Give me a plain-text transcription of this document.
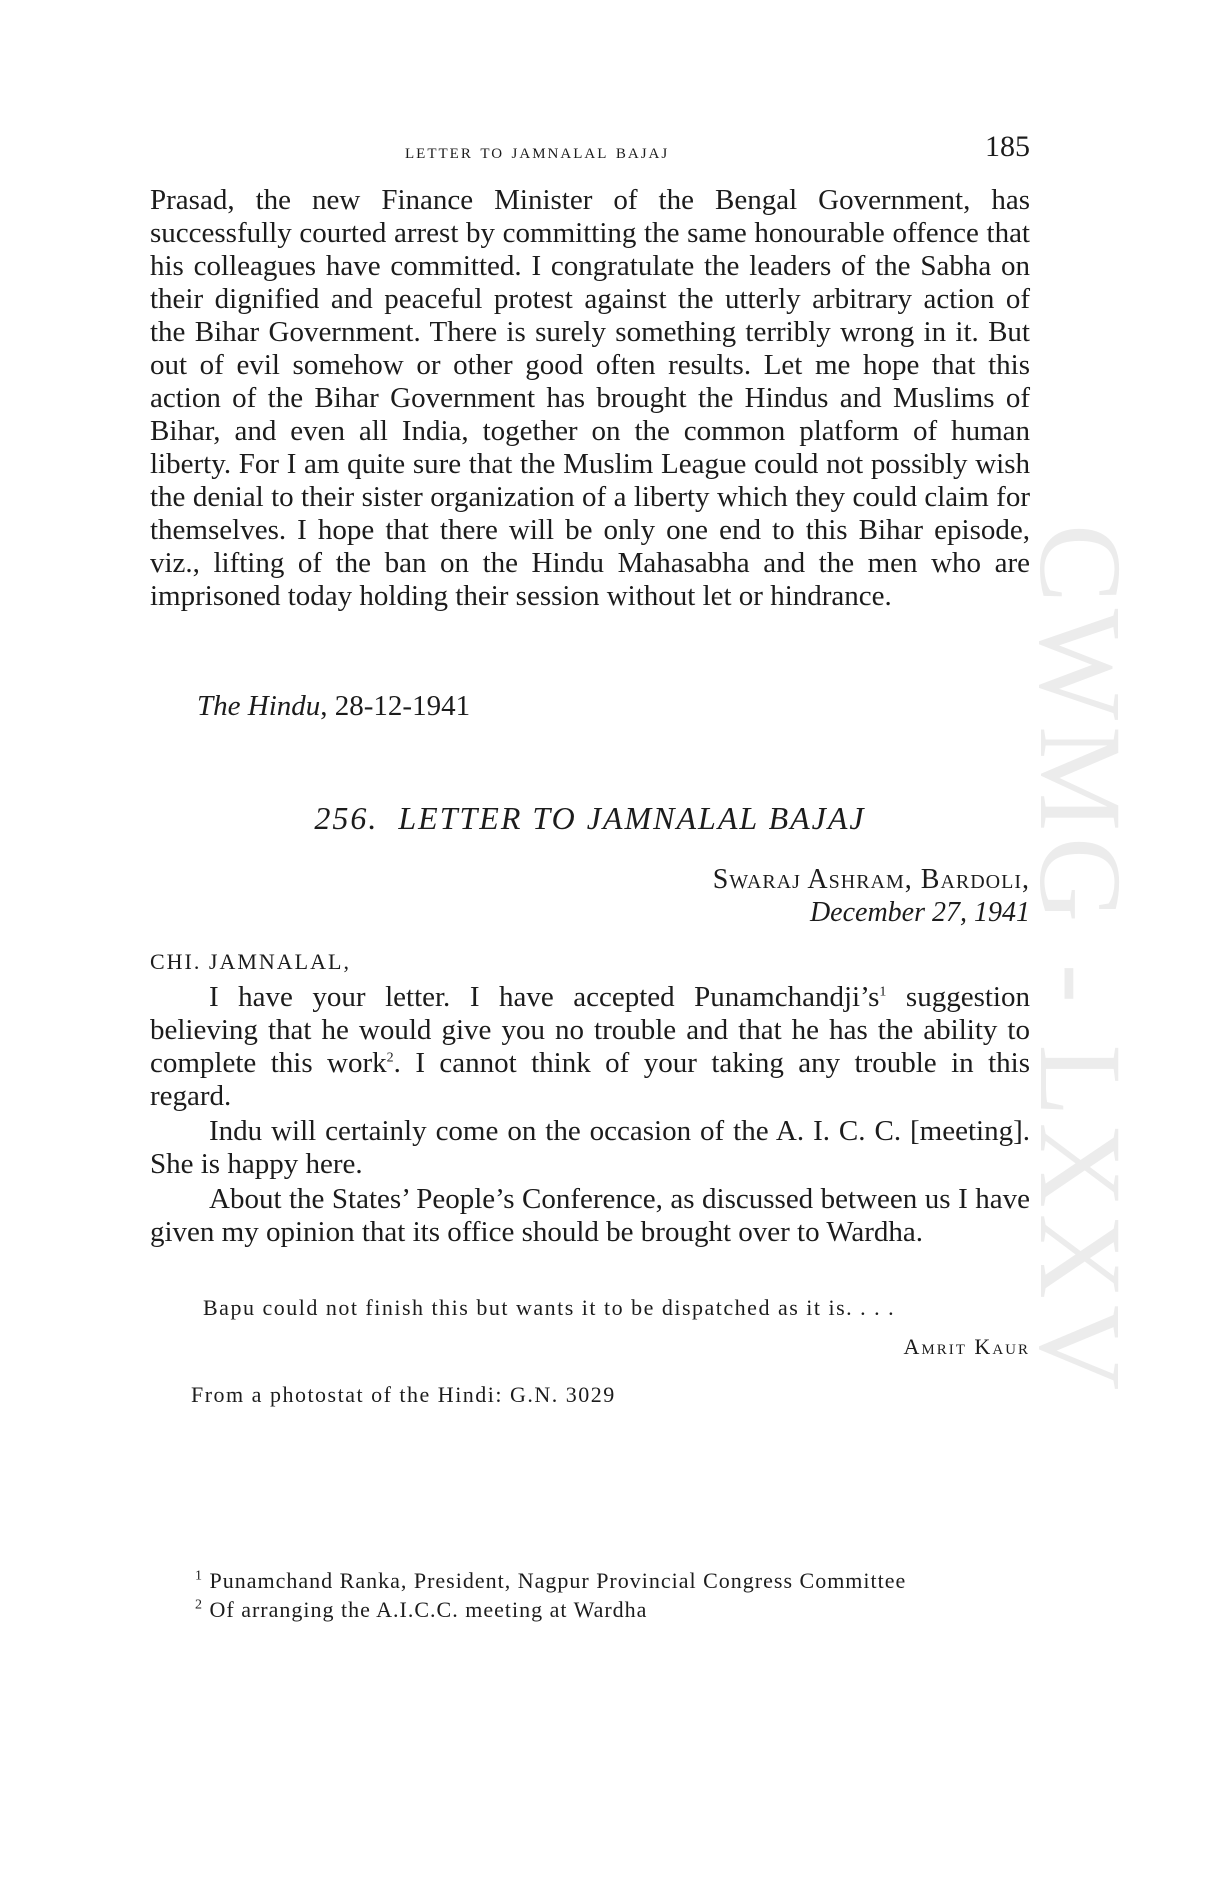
letter to jamnalal bajaj	185

Prasad, the new Finance Minister of the Bengal Government, has successfully courted arrest by committing the same honourable offence that his colleagues have committed. I congratulate the leaders of the Sabha on their dignified and peaceful protest against the utterly arbitrary action of the Bihar Government. There is surely something terribly wrong in it. But out of evil somehow or other good often results. Let me hope that this action of the Bihar Government has brought the Hindus and Muslims of Bihar, and even all India, together on the common platform of human liberty. For I am quite sure that the Muslim League could not possibly wish the denial to their sister organization of a liberty which they could claim for themselves. I hope that there will be only one end to this Bihar episode, viz., lifting of the ban on the Hindu Mahasabha and the men who are imprisoned today holding their session without let or hindrance.

The Hindu, 28-12-1941
256. LETTER TO JAMNALAL BAJAJ
Swaraj Ashram, Bardoli,
December 27, 1941
CHI. JAMNALAL,

I have your letter. I have accepted Punamchandji’s$^1$ suggestion believing that he would give you no trouble and that he has the ability to complete this work$^2$. I cannot think of your taking any trouble in this regard.

Indu will certainly come on the occasion of the A. I. C. C. [meeting]. She is happy here.

About the States’ People’s Conference, as discussed between us I have given my opinion that its office should be brought over to Wardha.

Bapu could not finish this but wants it to be dispatched as it is. . . .
Amrit Kaur
From a photostat of the Hindi: G.N. 3029
$^1$ Punamchand Ranka, President, Nagpur Provincial Congress Committee
$^2$ Of arranging the A.I.C.C. meeting at Wardha
CWMG - LXXV
